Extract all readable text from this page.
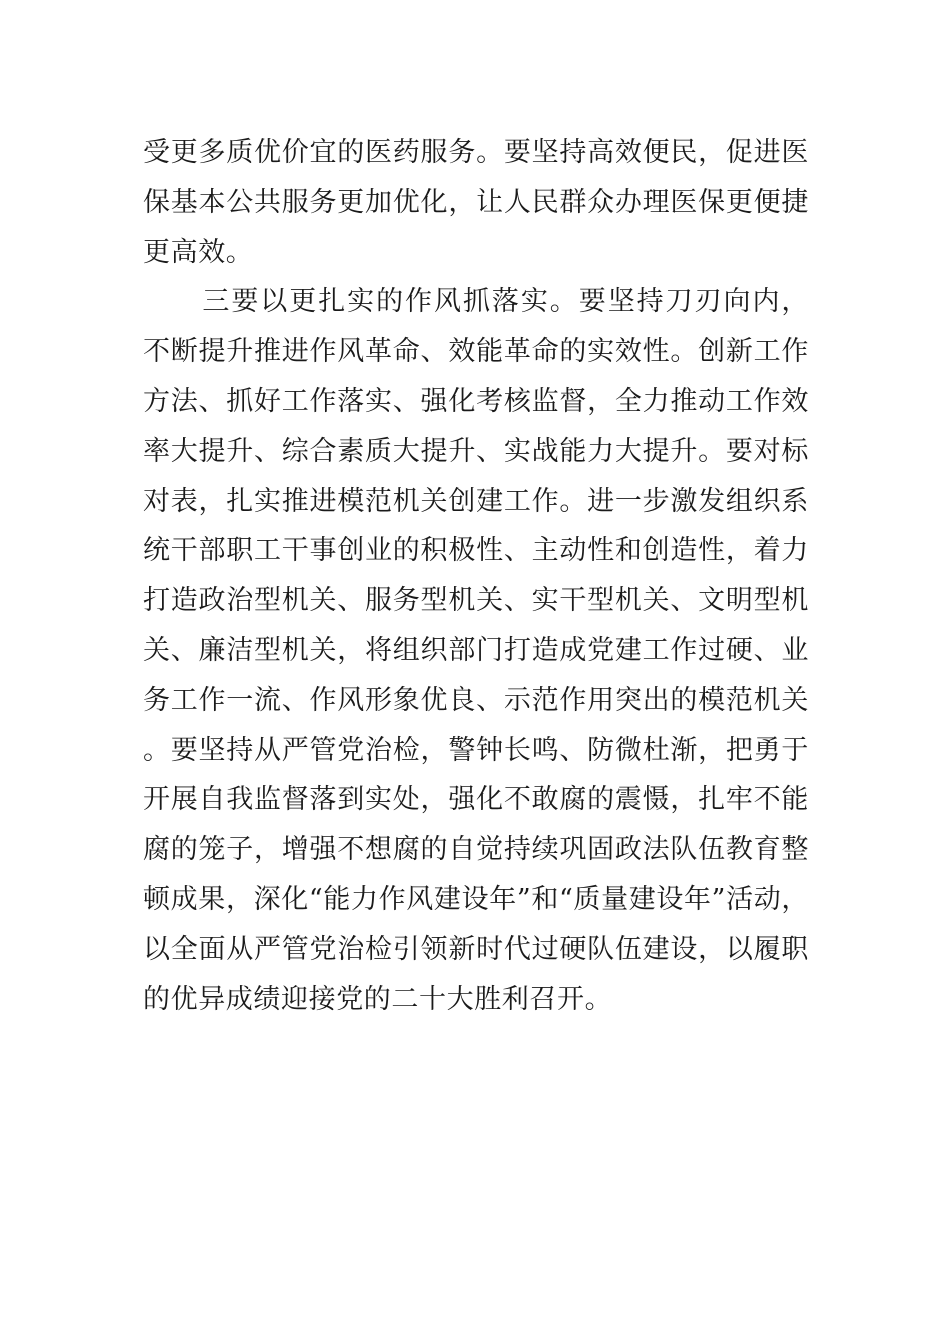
受更多质优价宜的医药服务。要坚持高效便民，促进医保基本公共服务更加优化，让人民群众办理医保更便捷更高效。

三要以更扎实的作风抓落实。要坚持刀刃向内，不断提升推进作风革命、效能革命的实效性。创新工作方法、抓好工作落实、强化考核监督，全力推动工作效率大提升、综合素质大提升、实战能力大提升。要对标对表，扎实推进模范机关创建工作。进一步激发组织系统干部职工干事创业的积极性、主动性和创造性，着力打造政治型机关、服务型机关、实干型机关、文明型机关、廉洁型机关，将组织部门打造成党建工作过硬、业务工作一流、作风形象优良、示范作用突出的模范机关。要坚持从严管党治检，警钟长鸣、防微杜渐，把勇于开展自我监督落到实处，强化不敢腐的震慑，扎牢不能腐的笼子，增强不想腐的自觉持续巩固政法队伍教育整顿成果，深化“能力作风建设年”和“质量建设年”活动，以全面从严管党治检引领新时代过硬队伍建设，以履职的优异成绩迎接党的二十大胜利召开。
